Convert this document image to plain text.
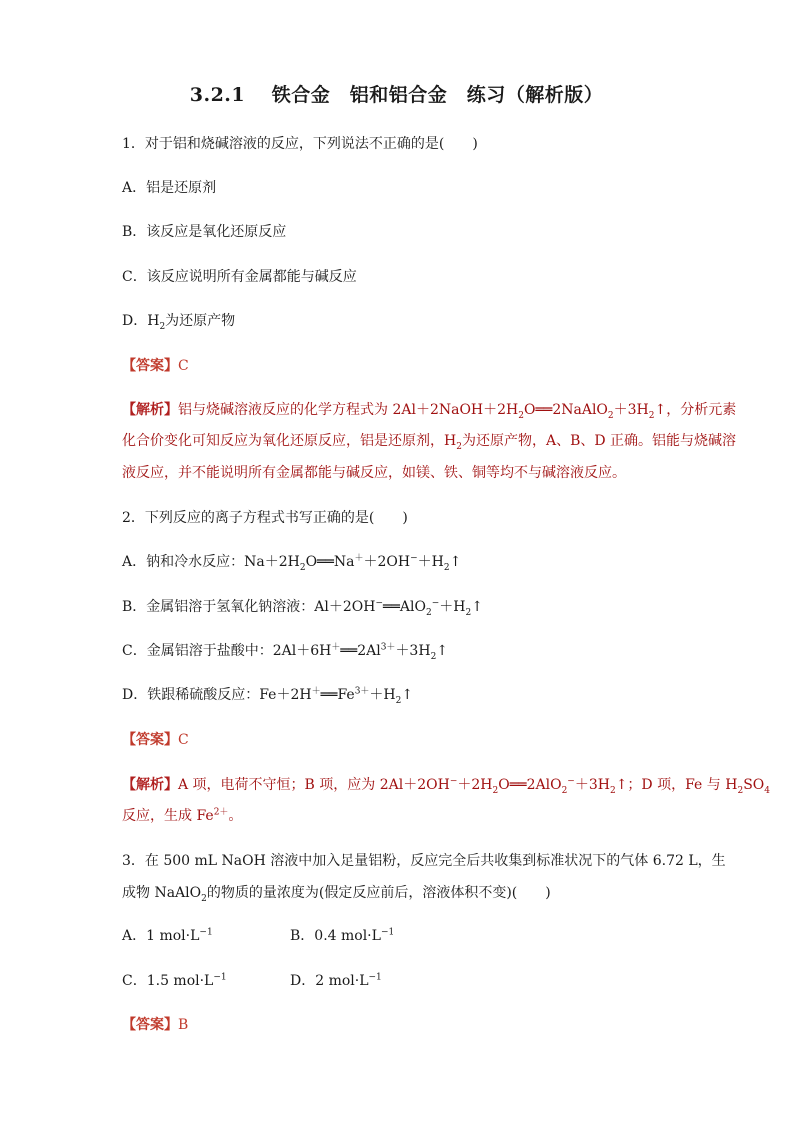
3.2.1　 铁合金　铝和铝合金　练习（解析版）
1．对于铝和烧碱溶液的反应，下列说法不正确的是(　　)
A．铝是还原剂
B．该反应是氧化还原反应
C．该反应说明所有金属都能与碱反应
D．$H_2$为还原产物
【答案】C
【解析】铝与烧碱溶液反应的化学方程式为 $2Al+2NaOH+2H_2O══2NaAlO_2+3H_2↑$，分析元素
化合价变化可知反应为氧化还原反应，铝是还原剂，$H_2$为还原产物，A、B、D 正确。铝能与烧碱溶
液反应，并不能说明所有金属都能与碱反应，如镁、铁、铜等均不与碱溶液反应。
2．下列反应的离子方程式书写正确的是(　　)
A．钠和冷水反应：$Na+2H_2O══Na^++2OH^-+H_2↑$
B．金属铝溶于氢氧化钠溶液：$Al+2OH^-══AlO_2^-+H_2↑$
C．金属铝溶于盐酸中：$2Al+6H^+══2Al^{3+}+3H_2↑$
D．铁跟稀硫酸反应：$Fe+2H^+══Fe^{3+}+H_2↑$
【答案】C
【解析】A 项，电荷不守恒；B 项，应为 $2Al+2OH^-+2H_2O══2AlO_2^-+3H_2↑$；D 项，Fe 与 $H_2SO_4$
反应，生成 $Fe^{2+}$。
3．在 500 mL NaOH 溶液中加入足量铝粉，反应完全后共收集到标准状况下的气体 6.72 L，生
成物 NaAlO$_2$的物质的量浓度为(假定反应前后，溶液体积不变)(　　)
A．1 $mol\cdot L^{-1}$	B．0.4 $mol\cdot L^{-1}$
C．1.5 $mol\cdot L^{-1}$	D．2 $mol\cdot L^{-1}$
【答案】B
